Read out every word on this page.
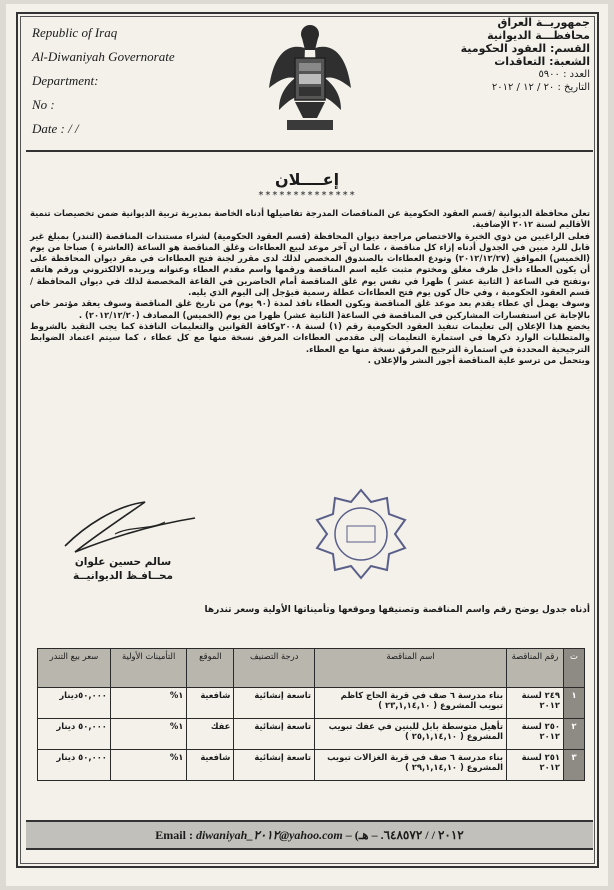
Republic of Iraq
Al-Diwaniyah Governorate
Department:
No :
Date : / /
جمهوريــة العراق
محافظـــة الديوانية
القسم: العقود الحكومية
الشعبة: التعاقدات
العدد : ٥٩٠٠
التاريخ : ٢٠ / ١٢ / ٢٠١٢
إعــــلان
**************

تعلن محافظة الديوانية /قسم العقود الحكومية عن المناقصات المدرجة تفاصيلها أدناه الخاصة بمديرية تربية الديوانية ضمن تخصيصات تنمية الأقاليم لسنة ٢٠١٢ الإضافية.

فعلى الراغبين من ذوي الخبرة والاختصاص مراجعة ديوان المحافظة (قسم العقود الحكومية) لشراء مستندات المناقصة (التندر) بمبلغ غير قابل للرد مبين في الجدول أدناه إزاء كل مناقصة ، علما ان آخر موعد لبيع العطاءات وغلق المناقصة هو الساعة (العاشرة ) صباحا من يوم (الخميس) الموافق (٢٠١٢/١٢/٢٧) وتودع العطاءات بالصندوق المخصص لذلك لدى مقرر لجنة فتح العطاءات في مقر ديوان المحافظة على أن يكون العطاء داخل ظرف مغلق ومختوم مثبت عليه اسم المناقصة ورقمها واسم مقدم العطاء وعنوانه ويريده الالكتروني ورقم هاتفه ،وتفتح في الساعة ( الثانية عشر ) ظهرا في نفس يوم غلق المناقصة أمام الحاضرين في القاعة المخصصة لذلك في ديوان المحافظة /قسم العقود الحكومية ، وفي حال كون يوم فتح العطاءات عطلة رسمية فيؤجل إلى اليوم الذي يليه.

وسوف يهمل أي عطاء يقدم بعد موعد غلق المناقصة ويكون العطاء نافذ لمدة (٩٠ يوم) من تاريخ غلق المناقصة وسوف يعقد مؤتمر خاص بالإجابة عن استفسارات المشاركين في المناقصة في الساعة( الثانية عشر) ظهرا من يوم (الخميس) المصادف (٢٠١٢/١٢/٢٠) .

يخضع هذا الإعلان إلى تعليمات تنفيذ العقود الحكومية رقم (١) لسنة ٢٠٠٨وكافة القوانين والتعليمات النافذة كما يجب التقيد بالشروط والمتطلبات الوارد ذكرها في استمارة التعليمات إلى مقدمي العطاءات المرفق نسخة منها مع كل عطاء ، كما سيتم اعتماد الضوابط الترجيحية المحددة في استمارة الترجيح المرفق نسخة منها مع العطاء.

ويتحمل من ترسو علية المناقصة أجور النشر والإعلان .

سالم حسين علوان
محــافـظ الديوانيــة
أدناه جدول يوضح رقم واسم المناقصة وتصنيفها وموقعها وتأميناتها الأولية وسعر تندرها
ت	رقم المناقصة	اسم المناقصة	درجة التصنيف	الموقع	التأمينات الأولية	سعر بيع التندر
١	٢٤٩ لسنة ٢٠١٢	بناء مدرسة ٦ صف في قرية الحاج كاظم تبويب المشروع ( ٢٣,١,١٤,١٠ )	تاسعة إنشائية	شافعية	١%	٥٠,٠٠٠دينار
٢	٢٥٠ لسنة ٢٠١٢	تأهيل متوسطة بابل للبنين في عفك تبويب المشروع ( ٢٥,١,١٤,١٠ )	تاسعة إنشائية	عفك	١%	٥٠,٠٠٠ دينار
٣	٢٥١ لسنة ٢٠١٢	بناء مدرسة ٦ صف في قرية الغزالات تبويب المشروع ( ٢٩,١,١٤,١٠ )	تاسعة إنشائية	شافعية	١%	٥٠,٠٠٠ دينار
Email : diwaniyah_٢٠١٢@yahoo.com – (٢٠١٢ / / ٦٤٨٥٧٢. – هـ
